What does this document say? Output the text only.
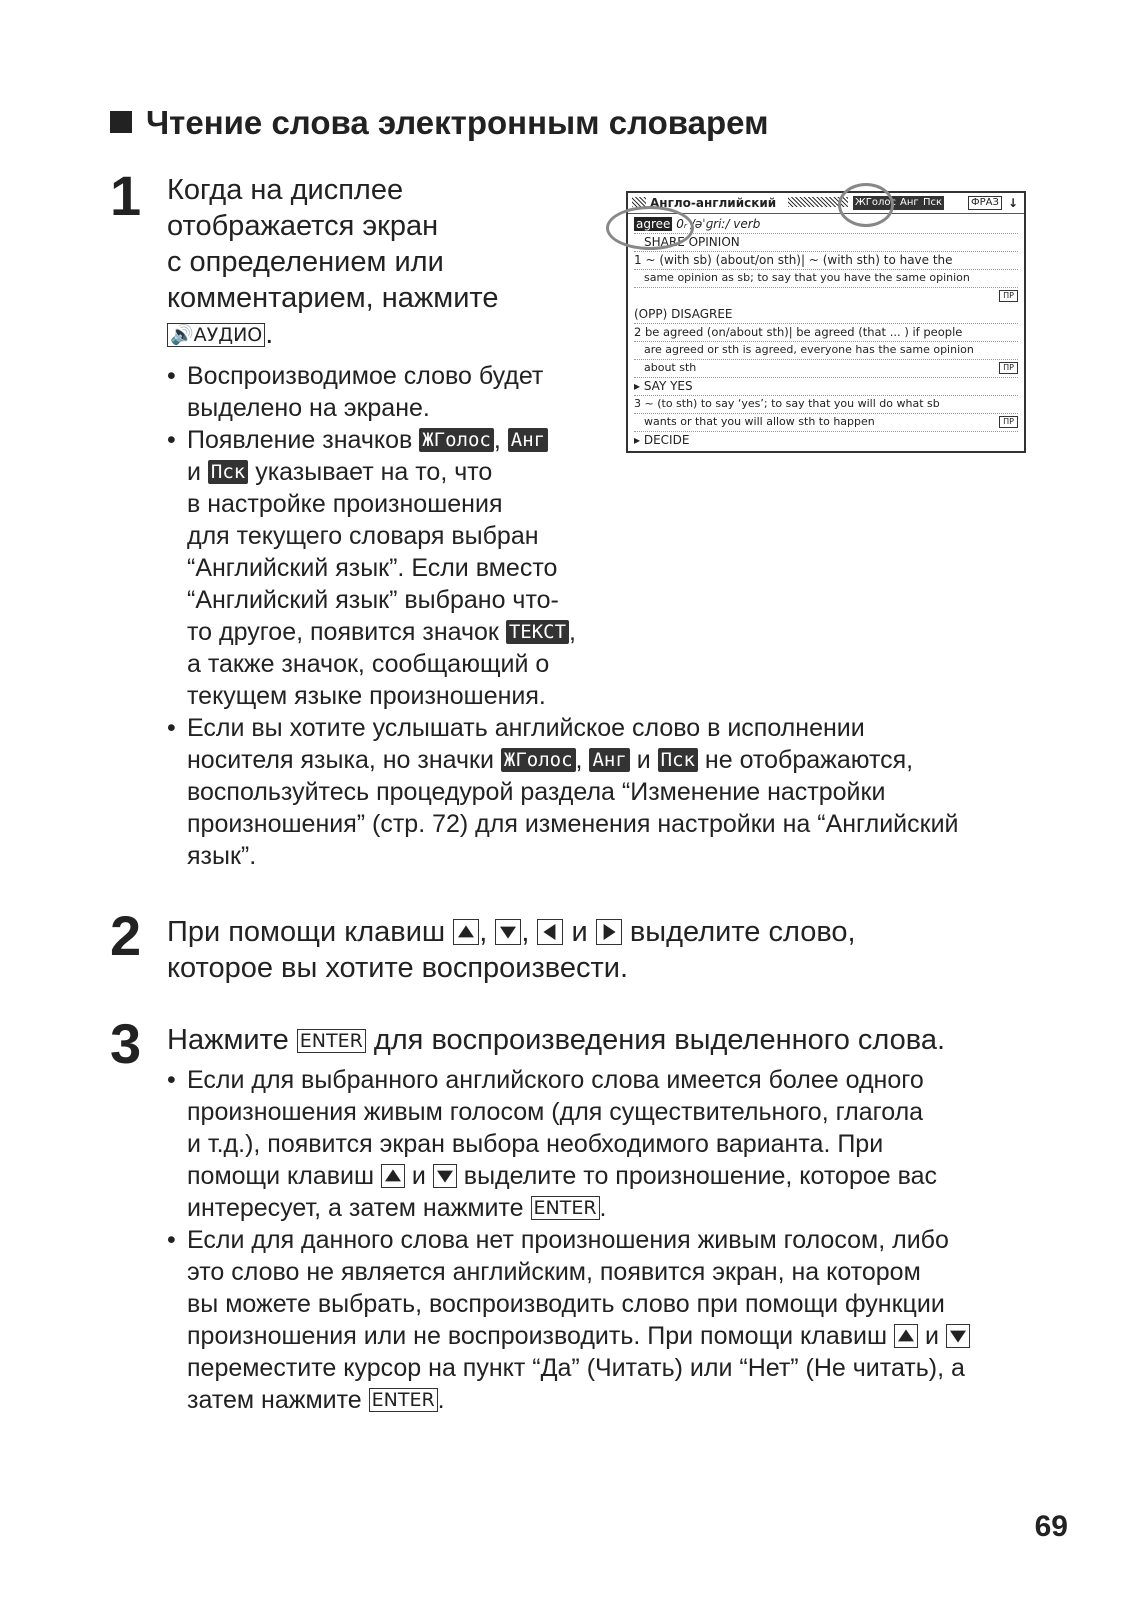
Чтение слова электронным словарем
1 Когда на дисплее
отображается экран
с определением или
комментарием, нажмите
🔊АУДИО .
• Воспроизводимое слово будет
выделено на экране.
• Появление значков ЖГолос , Анг
и Пск указывает на то, что
в настройке произношения
для текущего словаря выбран
“Английский язык”. Если вместо
“Английский язык” выбрано что-
то другое, появится значок ТЕКСТ ,
а также значок, сообщающий о
текущем языке произношения.
• Если вы хотите услышать английское слово в исполнении
носителя языка, но значки ЖГолос , Анг и Пск не отображаются,
воспользуйтесь процедурой раздела “Изменение настройки
произношения” (стр. 72) для изменения настройки на “Английский
язык”.
Англо-английский	ЖГолос Анг Пск	ФРАЗ ↓
agree 0ᵣ /əˈɡriː/ verb
SHARE OPINION
1 ~ (with sb) (about/on sth)| ~ (with sth) to have the
same opinion as sb; to say that you have the same opinion
ПР
(OPP) DISAGREE
2 be agreed (on/about sth)| be agreed (that ... ) if people
are agreed or sth is agreed, everyone has the same opinion
about sth	ПР
▸ SAY YES
3 ~ (to sth) to say ‘yes’; to say that you will do what sb
wants or that you will allow sth to happen	ПР
▸ DECIDE
2 При помощи клавиш , ,  и  выделите слово,
которое вы хотите воспроизвести.
3 Нажмите ENTER для воспроизведения выделенного слова.
• Если для выбранного английского слова имеется более одного
произношения живым голосом (для существительного, глагола
и т.д.), появится экран выбора необходимого варианта. При
помощи клавиш  и  выделите то произношение, которое вас
интересует, а затем нажмите ENTER .
• Если для данного слова нет произношения живым голосом, либо
это слово не является английским, появится экран, на котором
вы можете выбрать, воспроизводить слово при помощи функции
произношения или не воспроизводить. При помощи клавиш  и
переместите курсор на пункт “Да” (Читать) или “Нет” (Не читать), а
затем нажмите ENTER .
69
